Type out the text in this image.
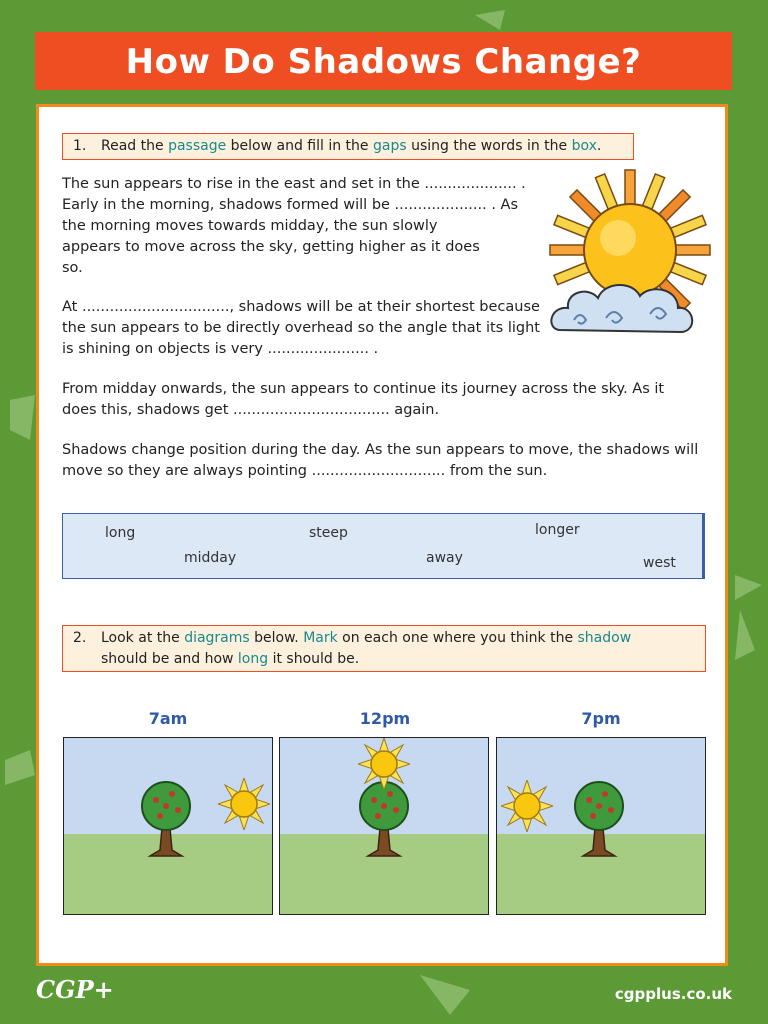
How Do Shadows Change?
1. Read the passage below and fill in the gaps using the words in the box.

The sun appears to rise in the east and set in the .................... .

Early in the morning, shadows formed will be .................... . As

the morning moves towards midday, the sun slowly

appears to move across the sky, getting higher as it does

so.

At ................................, shadows will be at their shortest because

the sun appears to be directly overhead so the angle that its light

is shining on objects is very ...................... .

From midday onwards, the sun appears to continue its journey across the sky. As it

does this, shadows get .................................. again.

Shadows change position during the day. As the sun appears to move, the shadows will

move so they are always pointing ............................. from the sun.

long	steep	longer
midday	away	west
2. Look at the diagrams below. Mark on each one where you think the shadow
should be and how long it should be.
7am	12pm	7pm
CGP+	cgpplus.co.uk
